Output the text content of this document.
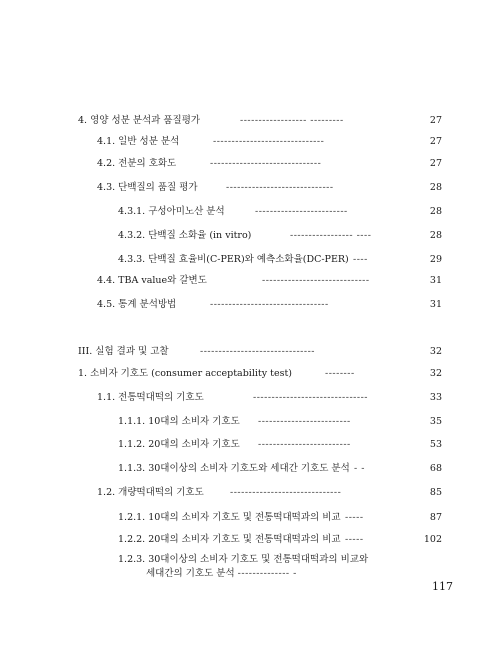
4. 영양 성분 분석과 품질평가	------------------ ---------	27
4.1. 일반 성분 분석	------------------------------	27
4.2. 전분의 호화도	------------------------------	27
4.3. 단백질의 품질 평가	-----------------------------	28
4.3.1. 구성아미노산 분석	-------------------------	28
4.3.2. 단백질 소화율 (in vitro)	----------------- ----	28
4.3.3. 단백질 효율비(C-PER)와 예측소화율(DC-PER) ----	29
4.4. TBA value와 갈변도	-----------------------------	31
4.5. 통계 분석방법	--------------------------------	31
III. 실험 결과 및 고찰	-------------------------------	32
1. 소비자 기호도 (consumer acceptability test)	--------	32
1.1. 전통떡대떡의 기호도	-------------------------------	33
1.1.1. 10대의 소비자 기호도 -------------------------	35
1.1.2. 20대의 소비자 기호도 -------------------------	53
1.1.3. 30대이상의 소비자 기호도와 세대간 기호도 분석 - -	68
1.2. 개량떡대떡의 기호도	------------------------------	85
1.2.1. 10대의 소비자 기호도 및 전통떡대떡과의 비교 -----	87
1.2.2. 20대의 소비자 기호도 및 전통떡대떡과의 비교 -----	102
1.2.3. 30대이상의 소비자 기호도 및 전통떡대떡과의 비교와
세대간의 기호도 분석 -------------- -
117
